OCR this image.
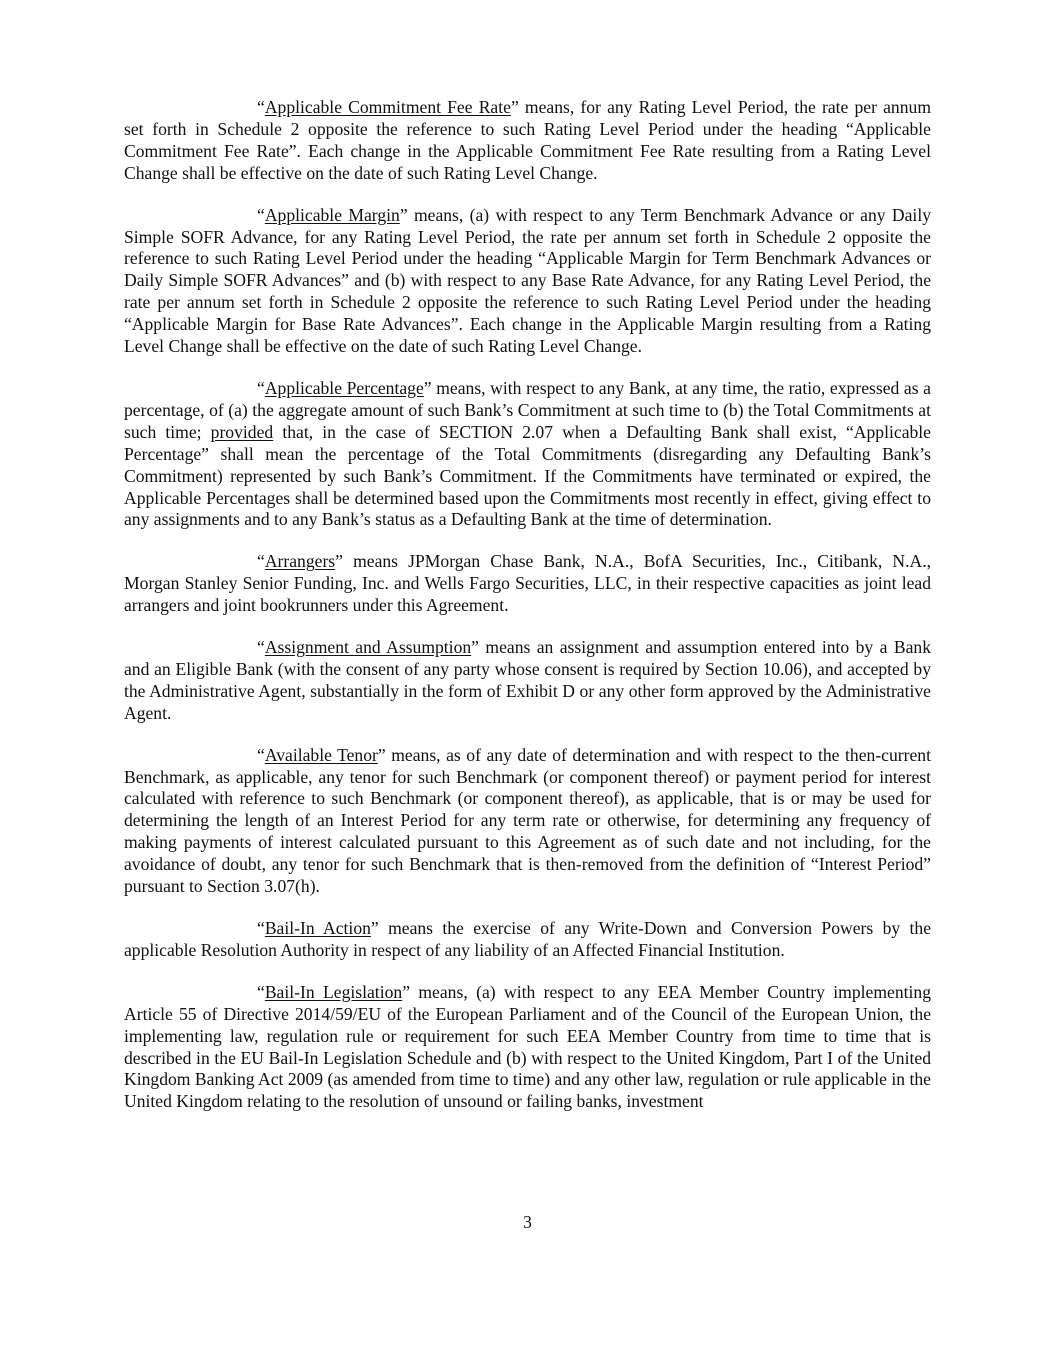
“Applicable Commitment Fee Rate” means, for any Rating Level Period, the rate per annum set forth in Schedule 2 opposite the reference to such Rating Level Period under the heading “Applicable Commitment Fee Rate”. Each change in the Applicable Commitment Fee Rate resulting from a Rating Level Change shall be effective on the date of such Rating Level Change.

“Applicable Margin” means, (a) with respect to any Term Benchmark Advance or any Daily Simple SOFR Advance, for any Rating Level Period, the rate per annum set forth in Schedule 2 opposite the reference to such Rating Level Period under the heading “Applicable Margin for Term Benchmark Advances or Daily Simple SOFR Advances” and (b) with respect to any Base Rate Advance, for any Rating Level Period, the rate per annum set forth in Schedule 2 opposite the reference to such Rating Level Period under the heading “Applicable Margin for Base Rate Advances”. Each change in the Applicable Margin resulting from a Rating Level Change shall be effective on the date of such Rating Level Change.

“Applicable Percentage” means, with respect to any Bank, at any time, the ratio, expressed as a percentage, of (a) the aggregate amount of such Bank’s Commitment at such time to (b) the Total Commitments at such time; provided that, in the case of SECTION 2.07 when a Defaulting Bank shall exist, “Applicable Percentage” shall mean the percentage of the Total Commitments (disregarding any Defaulting Bank’s Commitment) represented by such Bank’s Commitment. If the Commitments have terminated or expired, the Applicable Percentages shall be determined based upon the Commitments most recently in effect, giving effect to any assignments and to any Bank’s status as a Defaulting Bank at the time of determination.

“Arrangers” means JPMorgan Chase Bank, N.A., BofA Securities, Inc., Citibank, N.A., Morgan Stanley Senior Funding, Inc. and Wells Fargo Securities, LLC, in their respective capacities as joint lead arrangers and joint bookrunners under this Agreement.

“Assignment and Assumption” means an assignment and assumption entered into by a Bank and an Eligible Bank (with the consent of any party whose consent is required by Section 10.06), and accepted by the Administrative Agent, substantially in the form of Exhibit D or any other form approved by the Administrative Agent.

“Available Tenor” means, as of any date of determination and with respect to the then-current Benchmark, as applicable, any tenor for such Benchmark (or component thereof) or payment period for interest calculated with reference to such Benchmark (or component thereof), as applicable, that is or may be used for determining the length of an Interest Period for any term rate or otherwise, for determining any frequency of making payments of interest calculated pursuant to this Agreement as of such date and not including, for the avoidance of doubt, any tenor for such Benchmark that is then-removed from the definition of “Interest Period” pursuant to Section 3.07(h).

“Bail-In Action” means the exercise of any Write-Down and Conversion Powers by the applicable Resolution Authority in respect of any liability of an Affected Financial Institution.

“Bail-In Legislation” means, (a) with respect to any EEA Member Country implementing Article 55 of Directive 2014/59/EU of the European Parliament and of the Council of the European Union, the implementing law, regulation rule or requirement for such EEA Member Country from time to time that is described in the EU Bail-In Legislation Schedule and (b) with respect to the United Kingdom, Part I of the United Kingdom Banking Act 2009 (as amended from time to time) and any other law, regulation or rule applicable in the United Kingdom relating to the resolution of unsound or failing banks, investment

3
